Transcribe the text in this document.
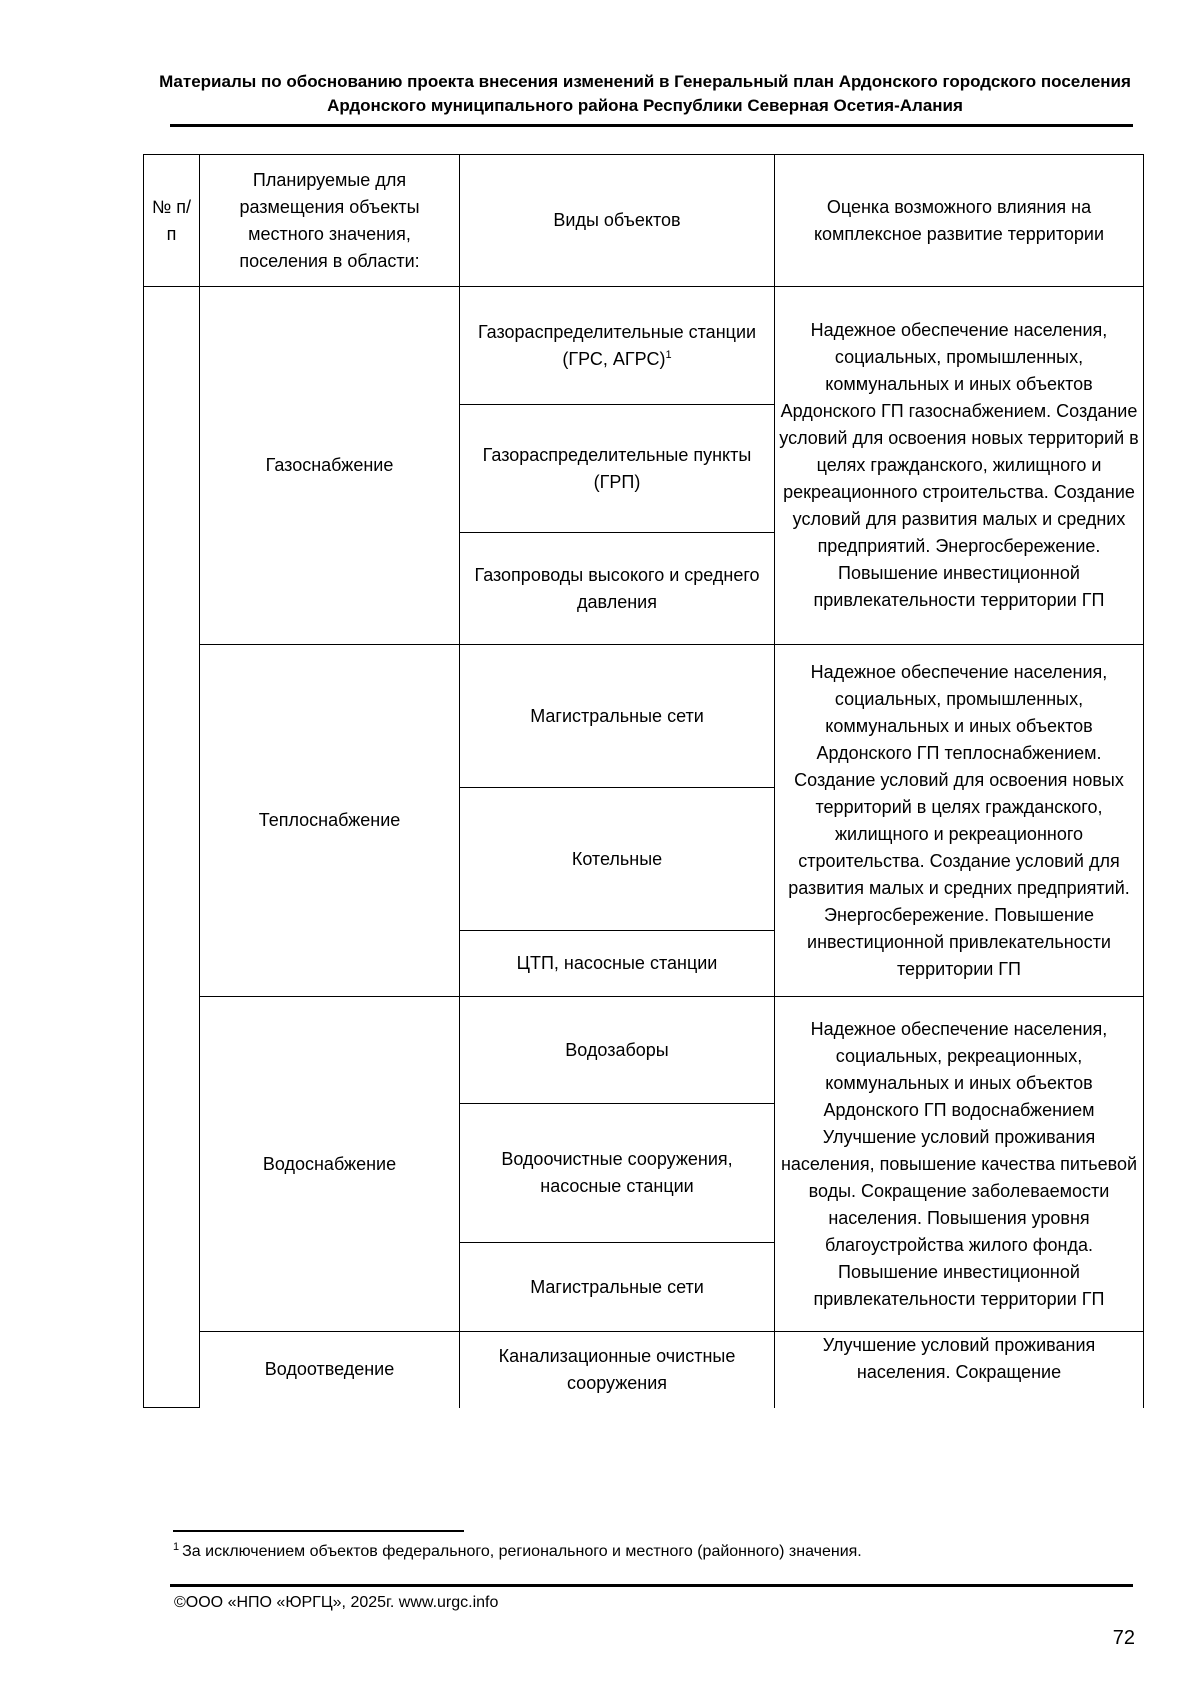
Материалы по обоснованию проекта внесения изменений в Генеральный план Ардонского городского поселения Ардонского муниципального района Республики Северная Осетия-Алания
№ п/п	Планируемые для размещения объекты местного значения, поселения в области:	Виды объектов	Оценка возможного влияния на комплексное развитие территории
	Газоснабжение	Газораспределительные станции (ГРС, АГРС)$^1$	Надежное обеспечение населения, социальных, промышленных, коммунальных и иных объектов Ардонского ГП газоснабжением. Создание условий для освоения новых территорий в целях гражданского, жилищного и рекреационного строительства. Создание условий для развития малых и средних предприятий. Энергосбережение. Повышение инвестиционной привлекательности территории ГП
		Газораспределительные пункты (ГРП)	
		Газопроводы высокого и среднего давления	
	Теплоснабжение	Магистральные сети	Надежное обеспечение населения, социальных, промышленных, коммунальных и иных объектов Ардонского ГП теплоснабжением. Создание условий для освоения новых территорий в целях гражданского, жилищного и рекреационного строительства. Создание условий для развития малых и средних предприятий. Энергосбережение. Повышение инвестиционной привлекательности территории ГП
		Котельные	
		ЦТП, насосные станции	
	Водоснабжение	Водозаборы	Надежное обеспечение населения, социальных, рекреационных, коммунальных и иных объектов Ардонского ГП водоснабжением Улучшение условий проживания населения, повышение качества питьевой воды. Сокращение заболеваемости населения. Повышения уровня благоустройства жилого фонда. Повышение инвестиционной привлекательности территории ГП
		Водоочистные сооружения, насосные станции	
		Магистральные сети	
	Водоотведение	Канализационные очистные сооружения	Улучшение условий проживания населения. Сокращение
$^1$ За исключением объектов федерального, регионального и местного (районного) значения.
©ООО «НПО «ЮРГЦ», 2025г. www.urgc.info
72
